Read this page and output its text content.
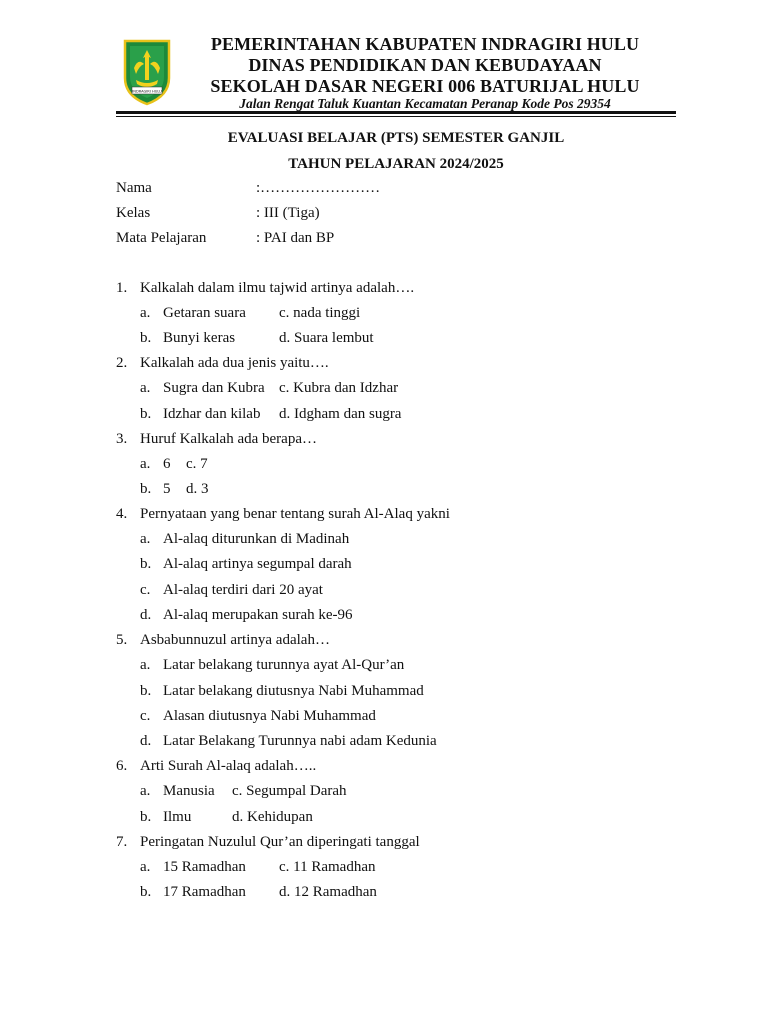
INDRAGIRI HULU
PEMERINTAHAN KABUPATEN INDRAGIRI HULU
DINAS PENDIDIKAN DAN KEBUDAYAAN
SEKOLAH DASAR NEGERI 006 BATURIJAL HULU
Jalan Rengat Taluk Kuantan Kecamatan Peranap Kode Pos 29354
EVALUASI BELAJAR (PTS) SEMESTER GANJIL
TAHUN PELAJARAN 2024/2025
Nama	:……………………
Kelas	: III (Tiga)
Mata Pelajaran	: PAI dan BP
1. Kalkalah dalam ilmu tajwid artinya adalah….
a. Getaran suara c. nada tinggi
b. Bunyi keras	d. Suara lembut
2. Kalkalah ada dua jenis yaitu….
a. Sugra dan Kubra c. Kubra dan Idzhar
b. Idzhar dan kilab d. Idgham dan sugra
3. Huruf Kalkalah ada berapa…
a. 6 c. 7
b. 5 d. 3
4. Pernyataan yang benar tentang surah Al-Alaq yakni
a. Al-alaq diturunkan di Madinah
b. Al-alaq artinya segumpal darah
c. Al-alaq terdiri dari 20 ayat
d. Al-alaq merupakan surah ke-96
5. Asbabunnuzul artinya adalah…
a. Latar belakang turunnya ayat Al-Qur’an
b. Latar belakang diutusnya Nabi Muhammad
c. Alasan diutusnya Nabi Muhammad
d. Latar Belakang Turunnya nabi adam Kedunia
6. Arti Surah Al-alaq adalah…..
a. Manusia c. Segumpal Darah
b. Ilmu	d. Kehidupan
7. Peringatan Nuzulul Qur’an diperingati tanggal
a. 15 Ramadhan c. 11 Ramadhan
b. 17 Ramadhan d. 12 Ramadhan
